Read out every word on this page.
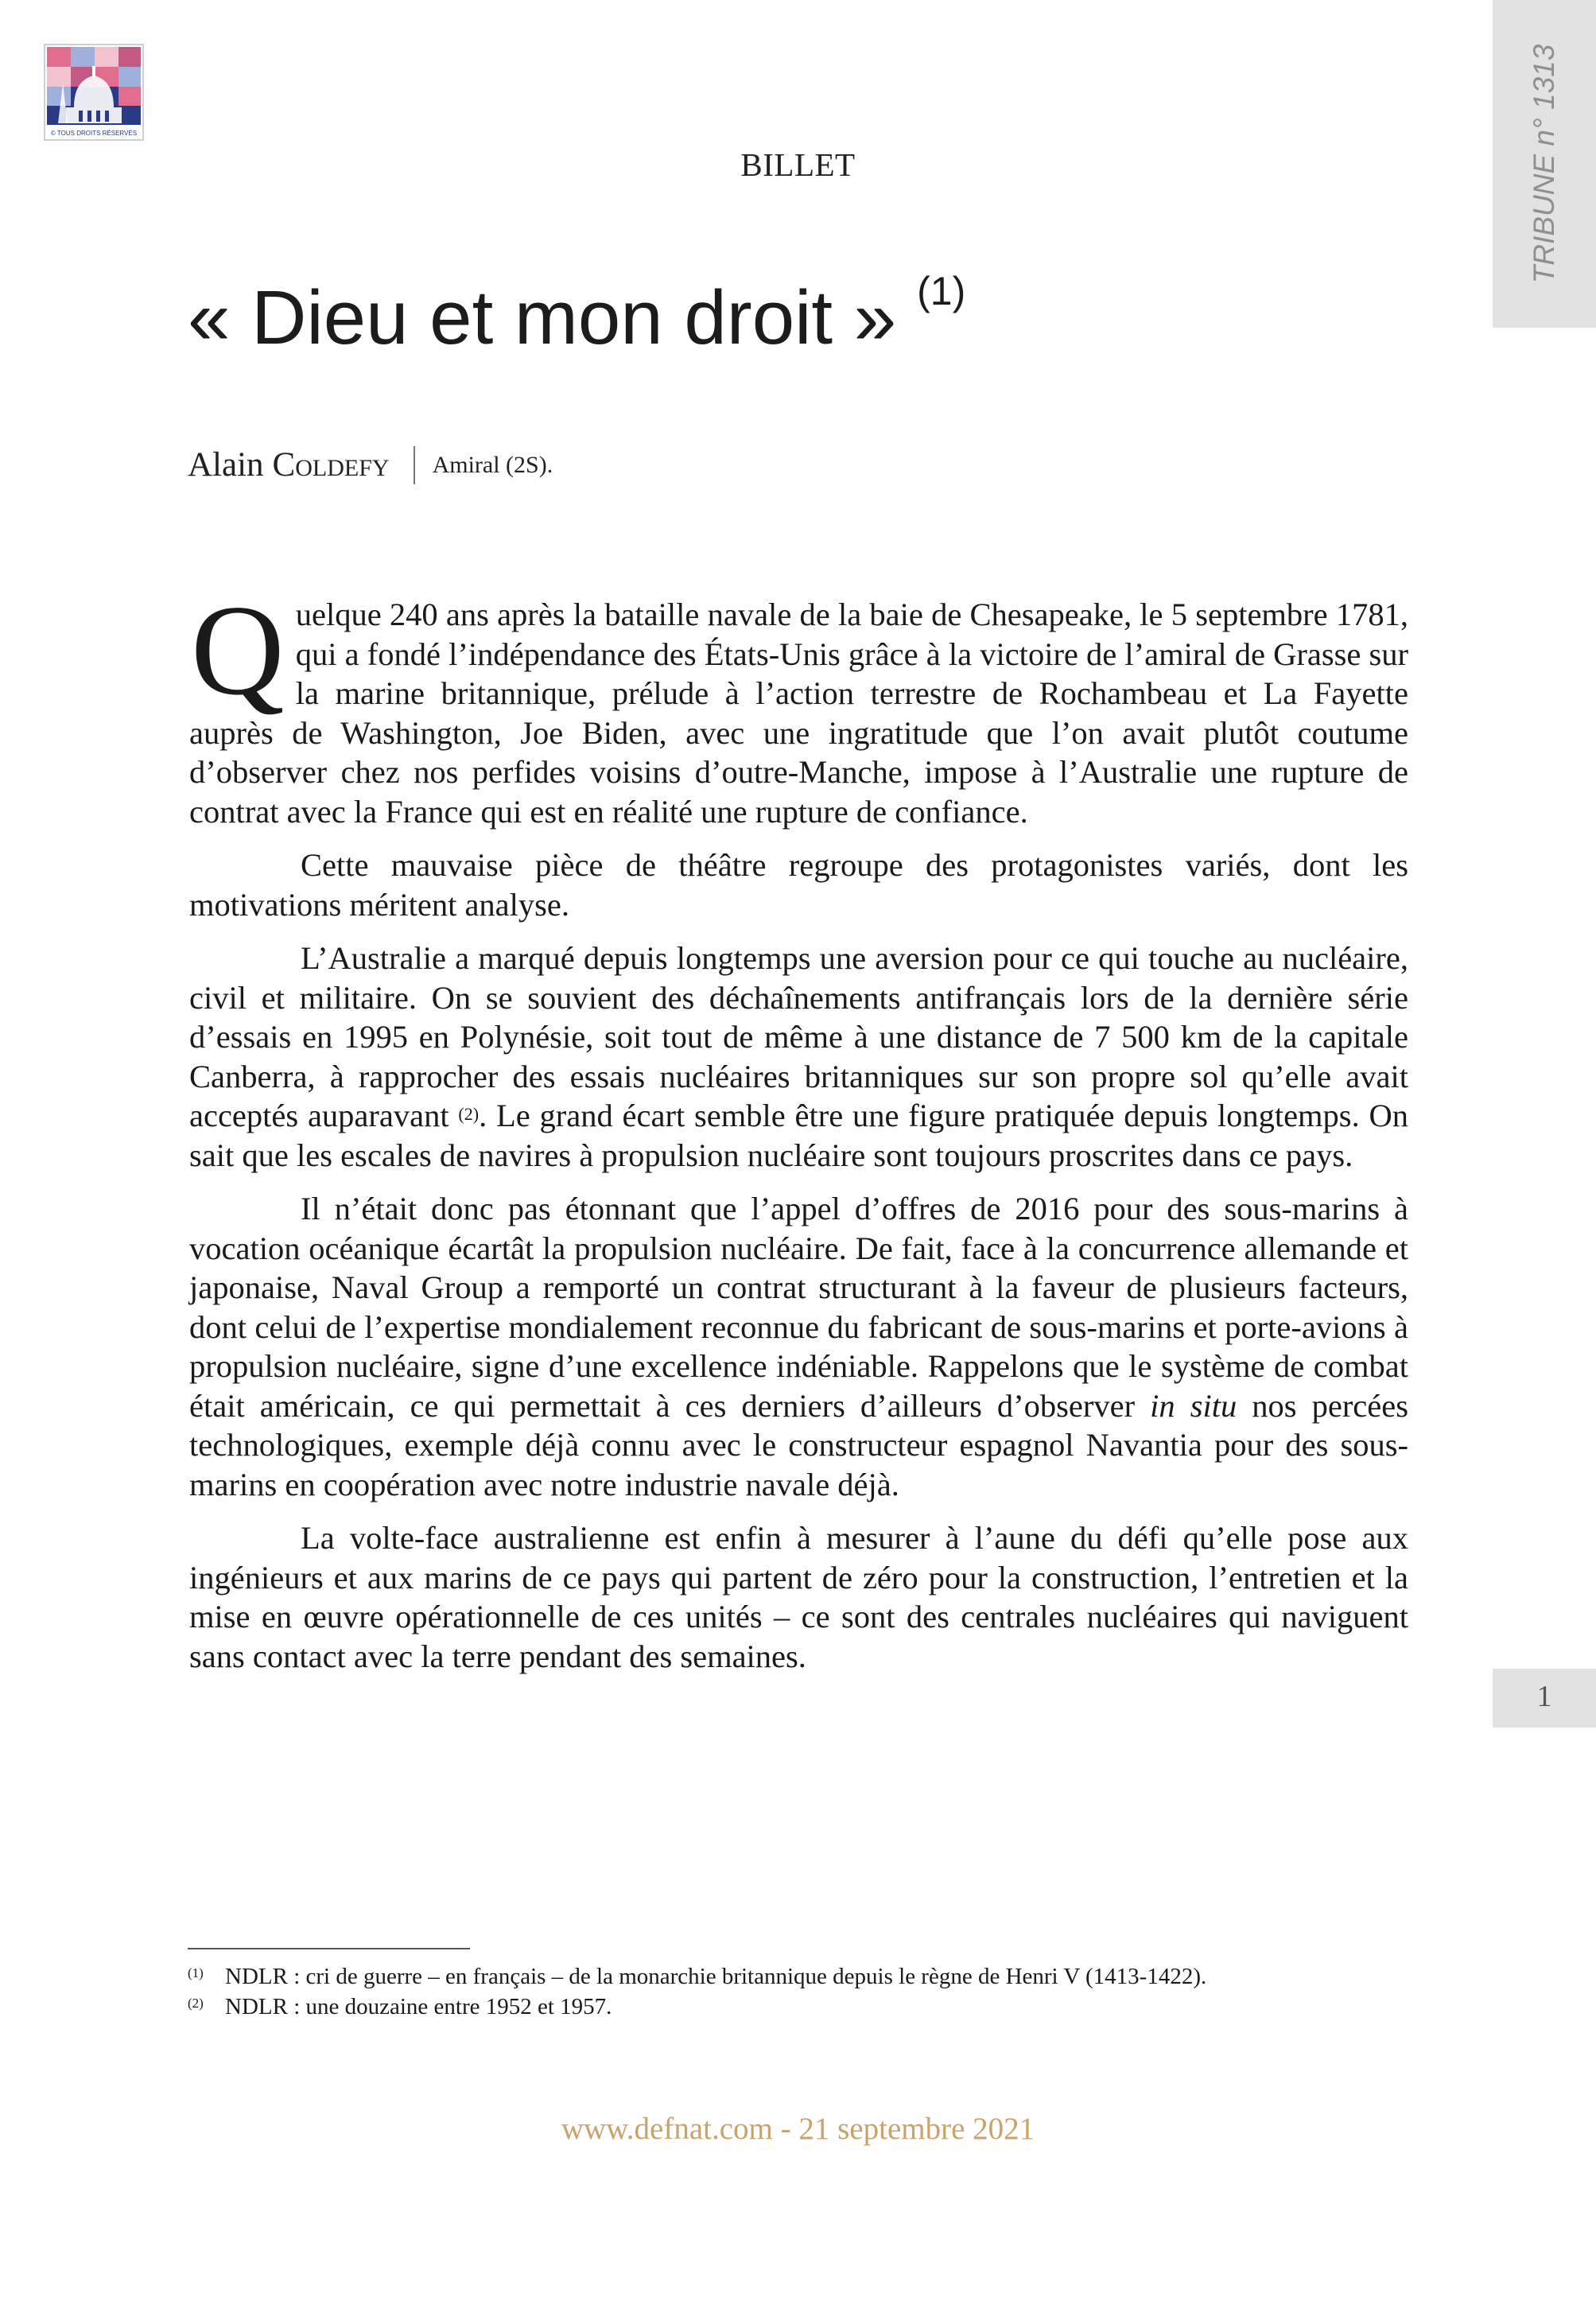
© TOUS DROITS RÉSERVÉS	TRIBUNE n° 1313
BILLET
« Dieu et mon droit » $^{(1)}$
Alain Coldefy Amiral (2S).

Quelque 240 ans après la bataille navale de la baie de Chesapeake, le 5 septembre 1781, qui a fondé l’indépendance des États-Unis grâce à la victoire de l’amiral de Grasse sur la marine britannique, prélude à l’action terrestre de Rochambeau et La Fayette auprès de Washington, Joe Biden, avec une ingratitude que l’on avait plutôt coutume d’observer chez nos perfides voisins d’outre-Manche, impose à l’Australie une rupture de contrat avec la France qui est en réalité une rupture de confiance.

Cette mauvaise pièce de théâtre regroupe des protagonistes variés, dont les motivations méritent analyse.

L’Australie a marqué depuis longtemps une aversion pour ce qui touche au nucléaire, civil et militaire. On se souvient des déchaînements antifrançais lors de la dernière série d’essais en 1995 en Polynésie, soit tout de même à une distance de 7 500 km de la capitale Canberra, à rapprocher des essais nucléaires britanniques sur son propre sol qu’elle avait acceptés auparavant $^{(2)}$. Le grand écart semble être une figure pratiquée depuis longtemps. On sait que les escales de navires à propulsion nucléaire sont toujours proscrites dans ce pays.

Il n’était donc pas étonnant que l’appel d’offres de 2016 pour des sous-marins à vocation océanique écartât la propulsion nucléaire. De fait, face à la concurrence allemande et japonaise, Naval Group a remporté un contrat structurant à la faveur de plusieurs facteurs, dont celui de l’expertise mondialement reconnue du fabricant de sous-marins et porte-avions à propulsion nucléaire, signe d’une excellence indéniable. Rappelons que le système de combat était américain, ce qui permettait à ces derniers d’ailleurs d’observer in situ nos percées technologiques, exemple déjà connu avec le constructeur espagnol Navantia pour des sous-marins en coopération avec notre industrie navale déjà.

La volte-face australienne est enfin à mesurer à l’aune du défi qu’elle pose aux ingénieurs et aux marins de ce pays qui partent de zéro pour la construction, l’entretien et la mise en œuvre opérationnelle de ces unités – ce sont des centrales nucléaires qui naviguent sans contact avec la terre pendant des semaines.

(1) NDLR : cri de guerre – en français – de la monarchie britannique depuis le règne de Henri V (1413-1422).
(2) NDLR : une douzaine entre 1952 et 1957.
www.defnat.com - 21 septembre 2021
1
